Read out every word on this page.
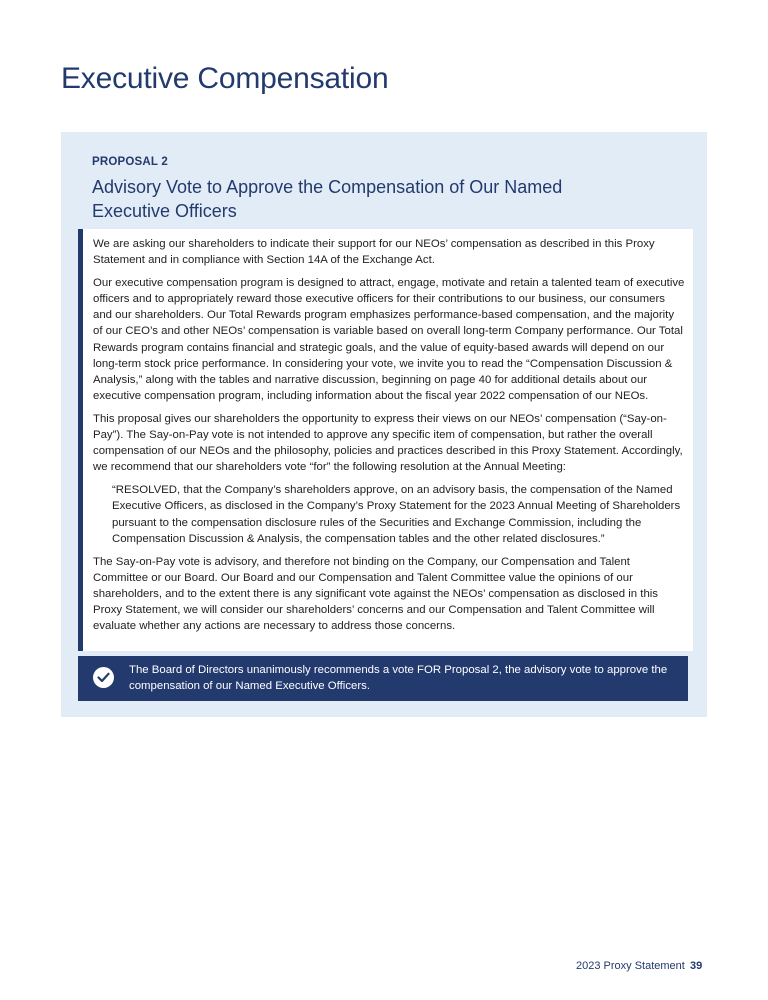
Executive Compensation
PROPOSAL 2
Advisory Vote to Approve the Compensation of Our Named Executive Officers

We are asking our shareholders to indicate their support for our NEOs’ compensation as described in this Proxy Statement and in compliance with Section 14A of the Exchange Act.

Our executive compensation program is designed to attract, engage, motivate and retain a talented team of executive officers and to appropriately reward those executive officers for their contributions to our business, our consumers and our shareholders. Our Total Rewards program emphasizes performance-based compensation, and the majority of our CEO’s and other NEOs’ compensation is variable based on overall long-term Company performance. Our Total Rewards program contains financial and strategic goals, and the value of equity-based awards will depend on our long-term stock price performance. In considering your vote, we invite you to read the “Compensation Discussion & Analysis,” along with the tables and narrative discussion, beginning on page 40 for additional details about our executive compensation program, including information about the fiscal year 2022 compensation of our NEOs.

This proposal gives our shareholders the opportunity to express their views on our NEOs’ compensation (“Say-on-Pay”). The Say-on-Pay vote is not intended to approve any specific item of compensation, but rather the overall compensation of our NEOs and the philosophy, policies and practices described in this Proxy Statement. Accordingly, we recommend that our shareholders vote “for” the following resolution at the Annual Meeting:

“RESOLVED, that the Company’s shareholders approve, on an advisory basis, the compensation of the Named Executive Officers, as disclosed in the Company’s Proxy Statement for the 2023 Annual Meeting of Shareholders pursuant to the compensation disclosure rules of the Securities and Exchange Commission, including the Compensation Discussion & Analysis, the compensation tables and the other related disclosures.”

The Say-on-Pay vote is advisory, and therefore not binding on the Company, our Compensation and Talent Committee or our Board. Our Board and our Compensation and Talent Committee value the opinions of our shareholders, and to the extent there is any significant vote against the NEOs’ compensation as disclosed in this Proxy Statement, we will consider our shareholders’ concerns and our Compensation and Talent Committee will evaluate whether any actions are necessary to address those concerns.

The Board of Directors unanimously recommends a vote FOR Proposal 2, the advisory vote to approve the compensation of our Named Executive Officers.
2023 Proxy Statement 39
